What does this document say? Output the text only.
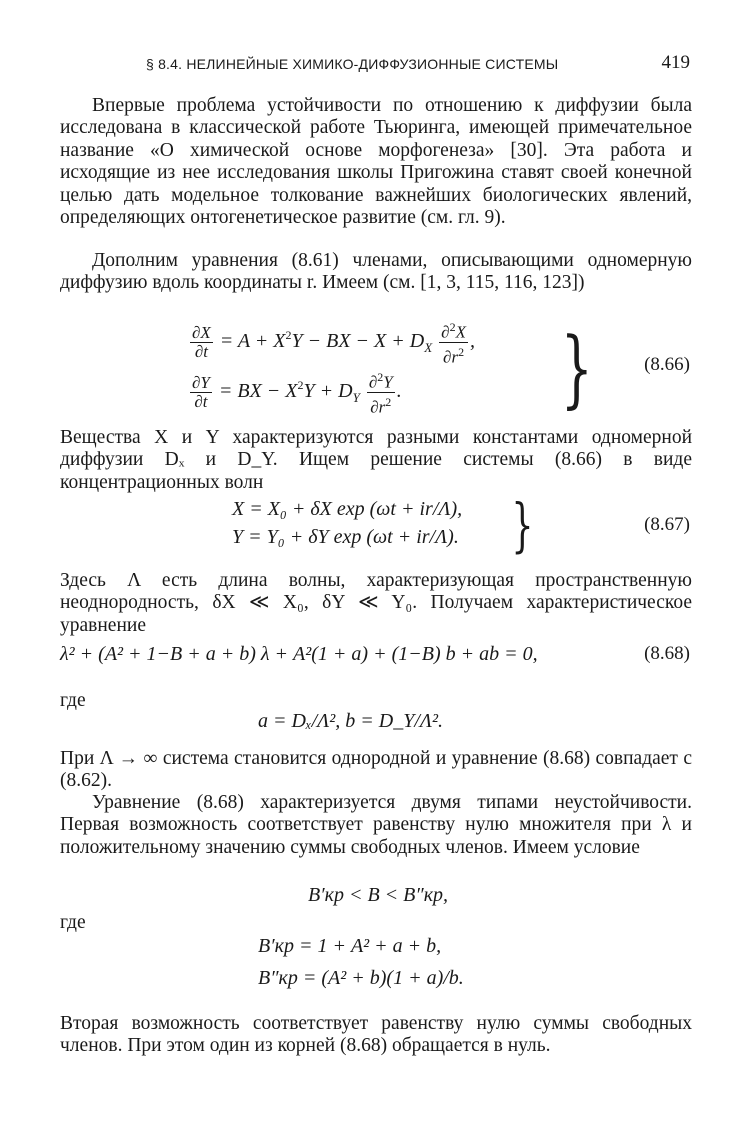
§ 8.4. НЕЛИНЕЙНЫЕ ХИМИКО-ДИФФУЗИОННЫЕ СИСТЕМЫ	419

Впервые проблема устойчивости по отношению к диффузии была исследована в классической работе Тьюринга, имеющей примечательное название «О химической основе морфогенеза» [30]. Эта работа и исходящие из нее исследования школы Пригожина ставят своей конечной целью дать модельное толкование важнейших биологических явлений, определяющих онтогенетическое развитие (см. гл. 9).

Дополним уравнения (8.61) членами, описывающими одномерную диффузию вдоль координаты r. Имеем (см. [1, 3, 115, 116, 123])

$\frac{\partial X}{\partial t} = A + X^2Y$ − BX − $X + D_X \frac{\partial^2X}{\partial r^2}$ ,
$\frac{\partial Y}{\partial t}$ = BX − $X^2Y + D_Y \frac{\partial^2Y}{\partial r^2}$ . }	(8.66)

Вещества X и Y характеризуются разными константами одномерной диффузии Dₓ и D_Y. Ищем решение системы (8.66) в виде концентрационных волн

X = X₀ + δX exp (ωt + ir/Λ),
Y = Y₀ + δY exp (ωt + ir/Λ). }	(8.67)

Здесь Λ есть длина волны, характеризующая пространственную неоднородность, δX ≪ X₀, δY ≪ Y₀. Получаем характеристическое уравнение

λ² + (A² + 1−B + a + b) λ + A²(1 + a) + (1−B) b + ab = 0,	(8.68)

где

a = Dₓ/Λ², b = D_Y/Λ².

При Λ → ∞ система становится однородной и уравнение (8.68) совпадает с (8.62).

Уравнение (8.68) характеризуется двумя типами неустойчивости. Первая возможность соответствует равенству нулю множителя при λ и положительному значению суммы свободных членов. Имеем условие

B′кр < B < B″кр,

где

B′кр = 1 + A² + a + b,
B″кр = (A² + b)(1 + a)/b.

Вторая возможность соответствует равенству нулю суммы свободных членов. При этом один из корней (8.68) обращается в нуль.
